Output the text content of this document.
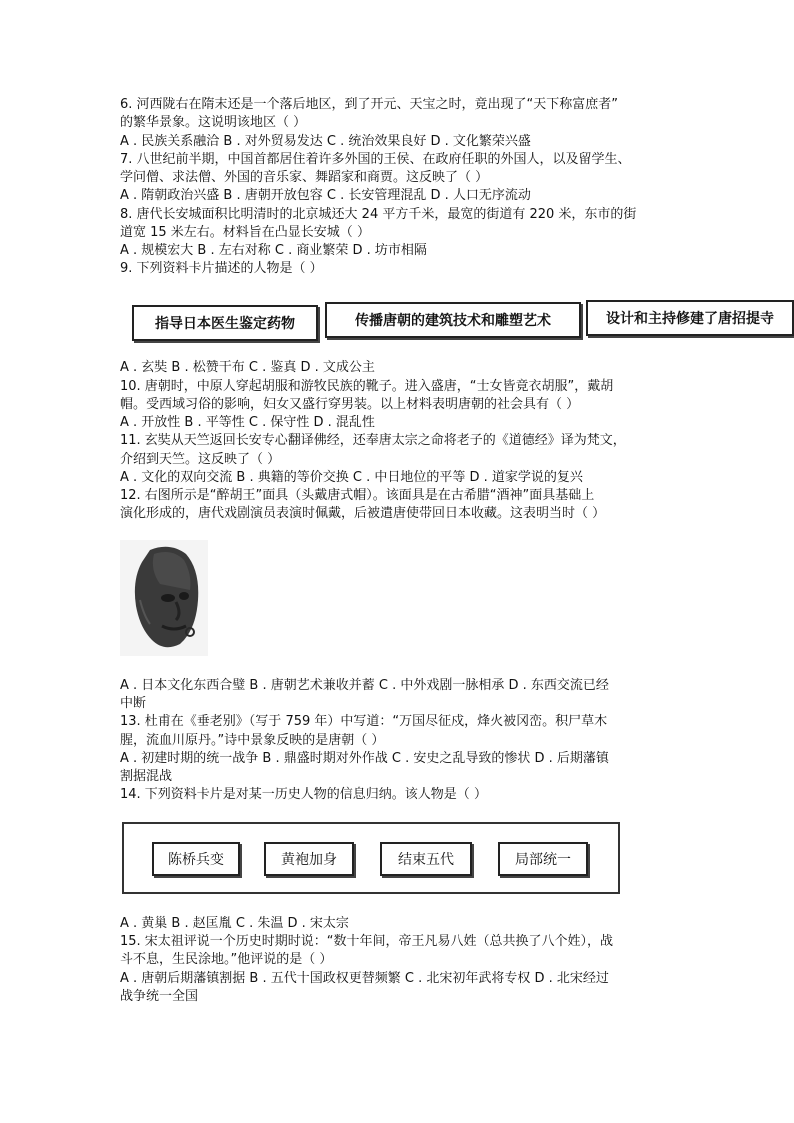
6. 河西陇右在隋末还是一个落后地区，到了开元、天宝之时，竟出现了“天下称富庶者”
的繁华景象。这说明该地区（ ）
A . 民族关系融洽 B . 对外贸易发达 C . 统治效果良好 D . 文化繁荣兴盛
7. 八世纪前半期，中国首都居住着许多外国的王侯、在政府任职的外国人，以及留学生、
学问僧、求法僧、外国的音乐家、舞蹈家和商贾。这反映了（ ）
A . 隋朝政治兴盛 B . 唐朝开放包容 C . 长安管理混乱 D . 人口无序流动
8. 唐代长安城面积比明清时的北京城还大 24 平方千米，最宽的街道有 220 米，东市的街
道宽 15 米左右。材料旨在凸显长安城（ ）
A . 规模宏大 B . 左右对称 C . 商业繁荣 D . 坊市相隔
9. 下列资料卡片描述的人物是（ ）
指导日本医生鉴定药物	传播唐朝的建筑技术和雕塑艺术	设计和主持修建了唐招提寺
A . 玄奘 B . 松赞干布 C . 鉴真 D . 文成公主
10. 唐朝时，中原人穿起胡服和游牧民族的靴子。进入盛唐，“士女皆竟衣胡服”，戴胡
帽。受西域习俗的影响，妇女又盛行穿男装。以上材料表明唐朝的社会具有（ ）
A . 开放性 B . 平等性 C . 保守性 D . 混乱性
11. 玄奘从天竺返回长安专心翻译佛经，还奉唐太宗之命将老子的《道德经》译为梵文，
介绍到天竺。这反映了（ ）
A . 文化的双向交流 B . 典籍的等价交换 C . 中日地位的平等 D . 道家学说的复兴
12. 右图所示是“醉胡王”面具（头戴唐式帽）。该面具是在古希腊“酒神”面具基础上
演化形成的，唐代戏剧演员表演时佩戴，后被遣唐使带回日本收藏。这表明当时（ ）
A . 日本文化东西合璧 B . 唐朝艺术兼收并蓄 C . 中外戏剧一脉相承 D . 东西交流已经
中断
13. 杜甫在《垂老别》（写于 759 年）中写道：“万国尽征戍，烽火被冈峦。积尸草木
腥，流血川原丹。”诗中景象反映的是唐朝（ ）
A . 初建时期的统一战争 B . 鼎盛时期对外作战 C . 安史之乱导致的惨状 D . 后期藩镇
割据混战
14. 下列资料卡片是对某一历史人物的信息归纳。该人物是（ ）
陈桥兵变	黄袍加身	结束五代	局部统一
A . 黄巢 B . 赵匡胤 C . 朱温 D . 宋太宗
15. 宋太祖评说一个历史时期时说：“数十年间，帝王凡易八姓（总共换了八个姓），战
斗不息，生民涂地。”他评说的是（ ）
A . 唐朝后期藩镇割据 B . 五代十国政权更替频繁 C . 北宋初年武将专权 D . 北宋经过
战争统一全国
